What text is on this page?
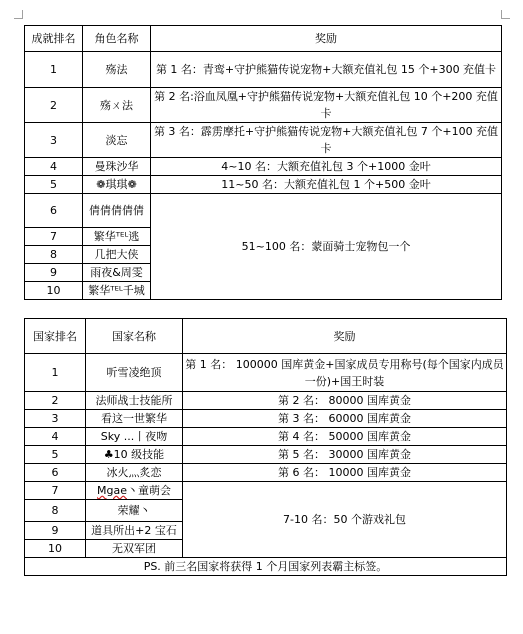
成就排名	角色名称	奖励
1	殇法	第 1 名：青鸾+守护熊猫传说宠物+大额充值礼包 15 个+300 充值卡
2	殇ㄨ法	第 2 名:浴血凤凰+守护熊猫传说宠物+大额充值礼包 10 个+200 充值卡
3	淡忘	第 3 名：霹雳摩托+守护熊猫传说宠物+大额充值礼包 7 个+100 充值卡
4	曼珠沙华	4~10 名：大额充值礼包 3 个+1000 金叶
5	❁琪琪❁	11~50 名：大额充值礼包 1 个+500 金叶
6	倩倩倩倩倩	51~100 名：蒙面骑士宠物包一个
7	繁华ᵀᴱᴸ逃	
8	几把大侠	
9	雨夜&周雯	
10	繁华ᵀᴱᴸ千城	
国家排名	国家名称	奖励
1	听雪凌绝顶	第 1 名： 100000 国库黄金+国家成员专用称号(每个国家内成员一份)+国王时装
2	法师战士技能所	第 2 名： 80000 国库黄金
3	看这一世繁华	第 3 名： 60000 国库黄金
4	Sky ...丨夜吻	第 4 名： 50000 国库黄金
5	♣10 级技能	第 5 名： 30000 国库黄金
6	冰火灬炙恋	第 6 名： 10000 国库黄金
7	Mgae丶童萌会	7-10 名：50 个游戏礼包
8	荣耀丶	
9	道具所出+2 宝石	
10	无双军团	
PS. 前三名国家将获得 1 个月国家列表霸主标签。		
